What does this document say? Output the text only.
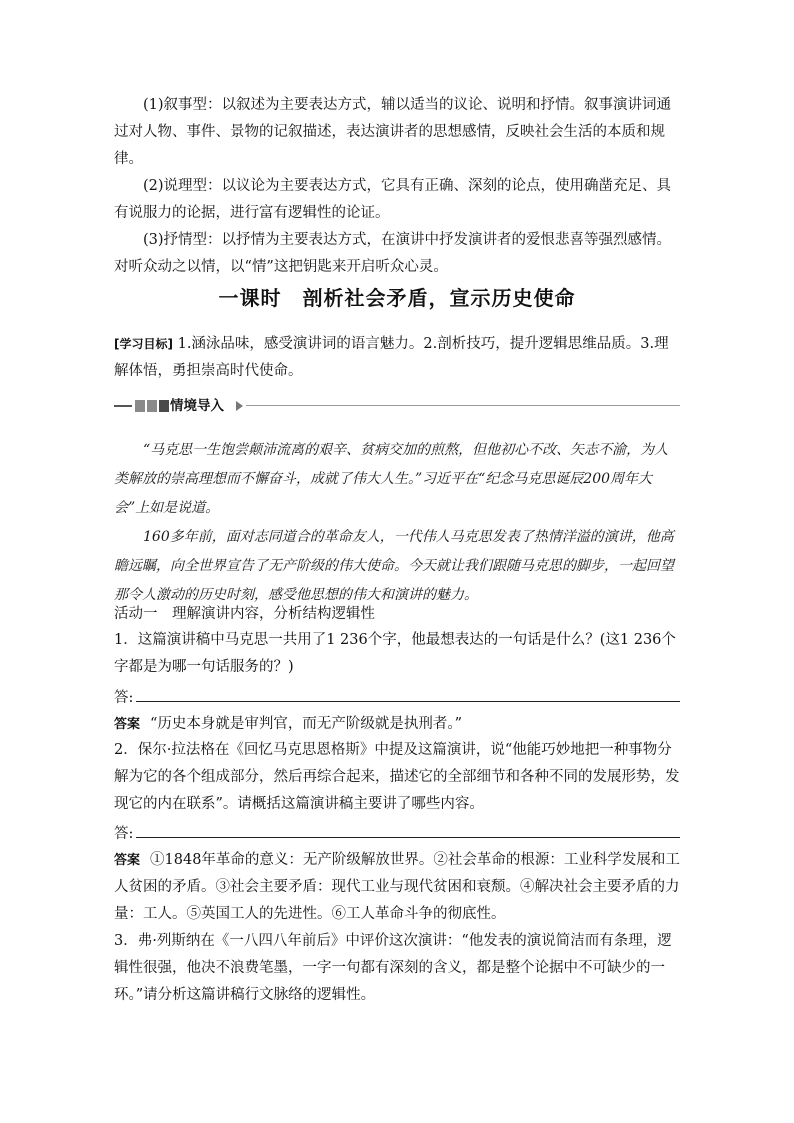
(1)叙事型：以叙述为主要表达方式，辅以适当的议论、说明和抒情。叙事演讲词通过对人物、事件、景物的记叙描述，表达演讲者的思想感情，反映社会生活的本质和规律。

(2)说理型：以议论为主要表达方式，它具有正确、深刻的论点，使用确凿充足、具有说服力的论据，进行富有逻辑性的论证。

(3)抒情型：以抒情为主要表达方式，在演讲中抒发演讲者的爱恨悲喜等强烈感情。对听众动之以情，以“情”这把钥匙来开启听众心灵。

一课时　剖析社会矛盾，宣示历史使命

[学习目标] 1.涵泳品味，感受演讲词的语言魅力。2.剖析技巧，提升逻辑思维品质。3.理解体悟，勇担崇高时代使命。

情境导入

“马克思一生饱尝颠沛流离的艰辛、贫病交加的煎熬，但他初心不改、矢志不渝，为人类解放的崇高理想而不懈奋斗，成就了伟大人生。”习近平在“纪念马克思诞辰200周年大会”上如是说道。

160多年前，面对志同道合的革命友人，一代伟人马克思发表了热情洋溢的演讲，他高瞻远瞩，向全世界宣告了无产阶级的伟大使命。今天就让我们跟随马克思的脚步，一起回望那令人激动的历史时刻，感受他思想的伟大和演讲的魅力。

活动一　理解演讲内容，分析结构逻辑性

1．这篇演讲稿中马克思一共用了1 236个字，他最想表达的一句话是什么？(这1 236个字都是为哪一句话服务的？)

答:

答案 “历史本身就是审判官，而无产阶级就是执刑者。”

2．保尔·拉法格在《回忆马克思恩格斯》中提及这篇演讲，说“他能巧妙地把一种事物分解为它的各个组成部分，然后再综合起来，描述它的全部细节和各种不同的发展形势，发现它的内在联系”。请概括这篇演讲稿主要讲了哪些内容。

答:

答案 ①1848年革命的意义：无产阶级解放世界。②社会革命的根源：工业科学发展和工人贫困的矛盾。③社会主要矛盾：现代工业与现代贫困和衰颓。④解决社会主要矛盾的力量：工人。⑤英国工人的先进性。⑥工人革命斗争的彻底性。

3．弗·列斯纳在《一八四八年前后》中评价这次演讲：“他发表的演说简洁而有条理，逻辑性很强，他决不浪费笔墨，一字一句都有深刻的含义，都是整个论据中不可缺少的一环。”请分析这篇讲稿行文脉络的逻辑性。
